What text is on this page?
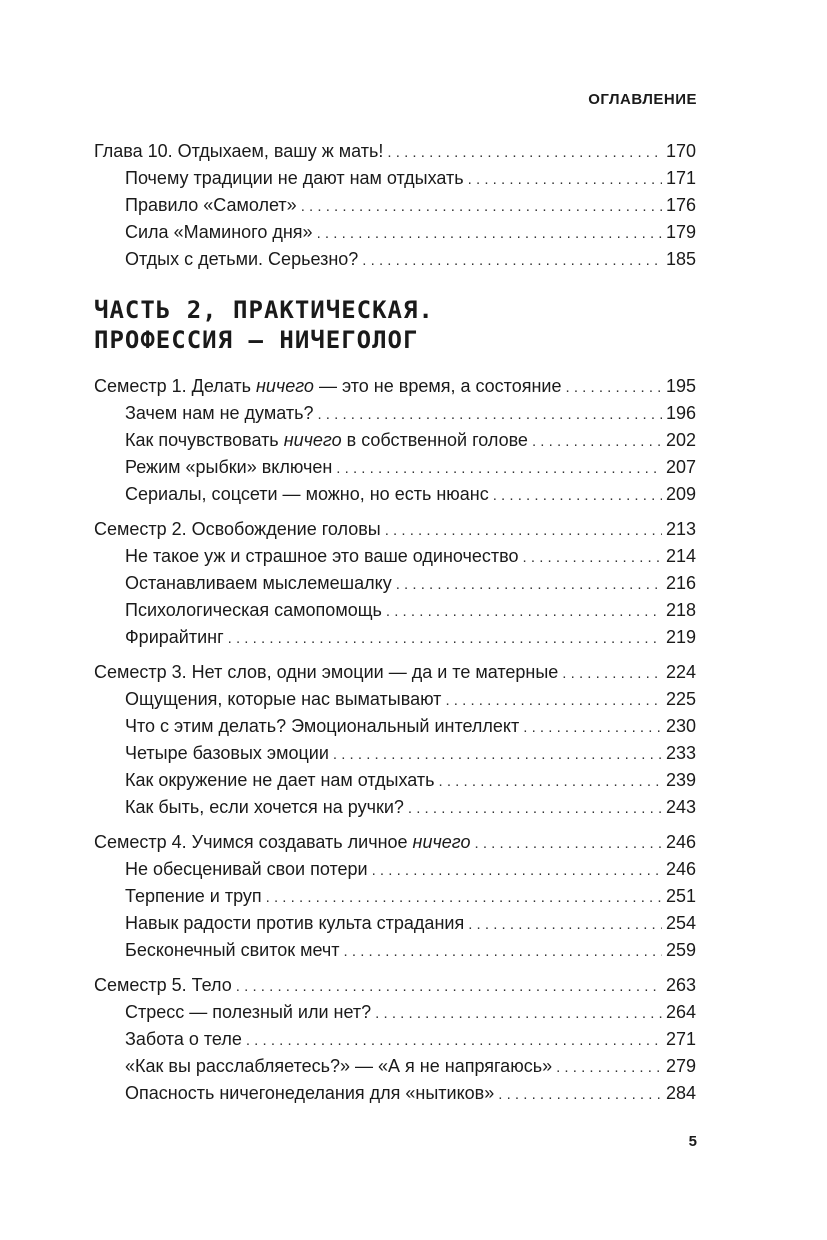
ОГЛАВЛЕНИЕ
Глава 10. Отдыхаем, вашу ж мать! . . .	170
Почему традиции не дают нам отдыхать . . .	171
Правило «Самолет» . . .	176
Сила «Маминого дня» . . .	179
Отдых с детьми. Серьезно? . . .	185
ЧАСТЬ 2, ПРАКТИЧЕСКАЯ.
ПРОФЕССИЯ — НИЧЕГОЛОГ
Семестр 1. Делать ничего — это не время, а состояние . . .	195
Зачем нам не думать? . . .	196
Как почувствовать ничего в собственной голове . . .	202
Режим «рыбки» включен . . .	207
Сериалы, соцсети — можно, но есть нюанс . . .	209
Семестр 2. Освобождение головы . . .	213
Не такое уж и страшное это ваше одиночество . . .	214
Останавливаем мыслемешалку . . .	216
Психологическая самопомощь . . .	218
Фрирайтинг . . .	219
Семестр 3. Нет слов, одни эмоции — да и те матерные . . .	224
Ощущения, которые нас выматывают . . .	225
Что с этим делать? Эмоциональный интеллект . . .	230
Четыре базовых эмоции . . .	233
Как окружение не дает нам отдыхать . . .	239
Как быть, если хочется на ручки? . . .	243
Семестр 4. Учимся создавать личное ничего . . .	246
Не обесценивай свои потери . . .	246
Терпение и труп . . .	251
Навык радости против культа страдания . . .	254
Бесконечный свиток мечт . . .	259
Семестр 5. Тело . . .	263
Стресс — полезный или нет? . . .	264
Забота о теле . . .	271
«Как вы расслабляетесь?» — «А я не напрягаюсь» . . .	279
Опасность ничегонеделания для «нытиков» . . .	284
5
